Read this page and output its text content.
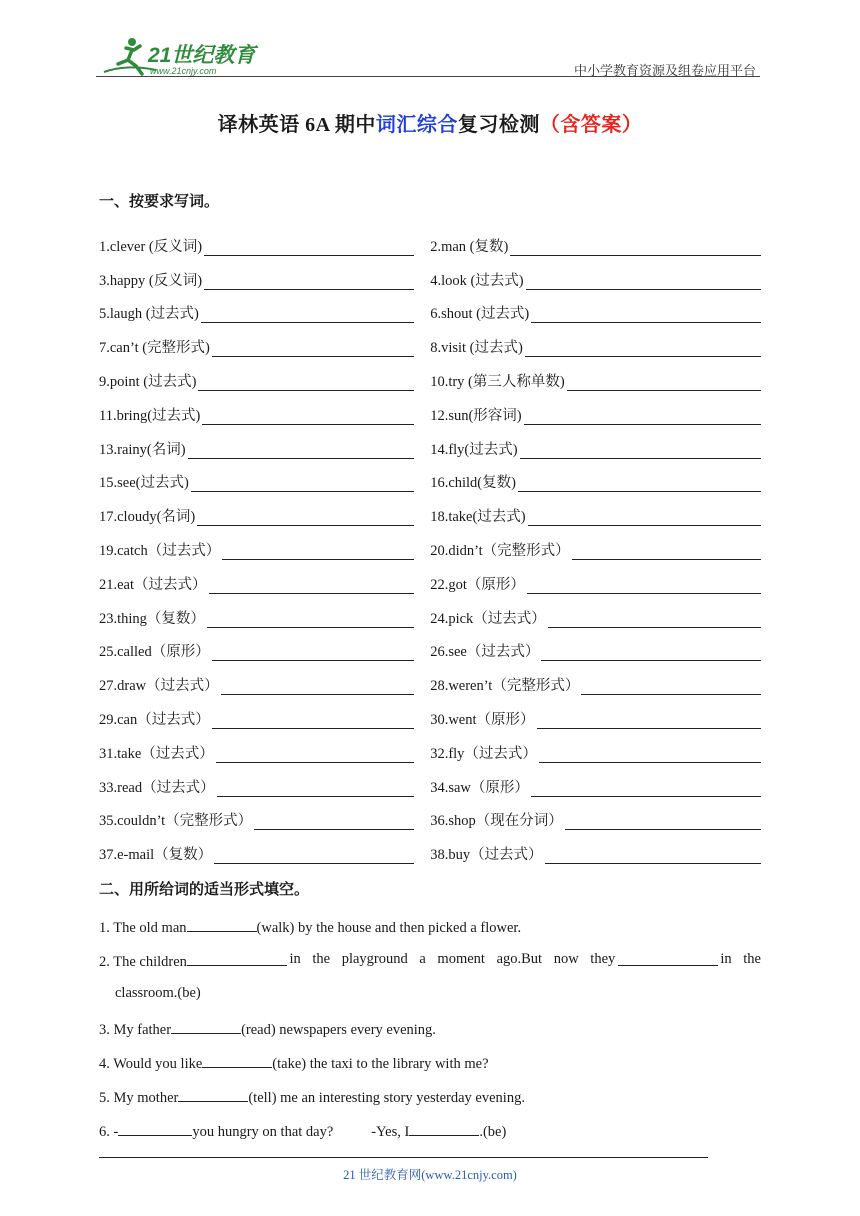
21世纪教育
www.21cnjy.com	中小学教育资源及组卷应用平台
译林英语 6A 期中词汇综合复习检测（含答案）
一、按要求写词。
1.clever (反义词)	2.man (复数)
3.happy (反义词)	4.look (过去式)
5.laugh (过去式)	6.shout (过去式)
7.can’t (完整形式)	8.visit (过去式)
9.point (过去式)	10.try (第三人称单数)
11.bring(过去式)	12.sun(形容词)
13.rainy(名词)	14.fly(过去式)
15.see(过去式)	16.child(复数)
17.cloudy(名词)	18.take(过去式)
19.catch（过去式）	20.didn’t（完整形式）
21.eat（过去式）	22.got（原形）
23.thing（复数）	24.pick（过去式）
25.called（原形）	26.see（过去式）
27.draw（过去式）	28.weren’t（完整形式）
29.can（过去式）	30.went（原形）
31.take（过去式）	32.fly（过去式）
33.read（过去式）	34.saw（原形）
35.couldn’t（完整形式）	36.shop（现在分词）
37.e-mail（复数）	38.buy（过去式）
二、用所给词的适当形式填空。
1. The old man	(walk) by the house and then picked a flower.
2. The children	in the playground a moment ago.But now they	in the
classroom.(be)
3. My father	(read) newspapers every evening.
4. Would you like	(take) the taxi to the library with me?
5. My mother	(tell) me an interesting story yesterday evening.
6. -	you hungry on that day?	-Yes, I	.(be)
21 世纪教育网(www.21cnjy.com)
